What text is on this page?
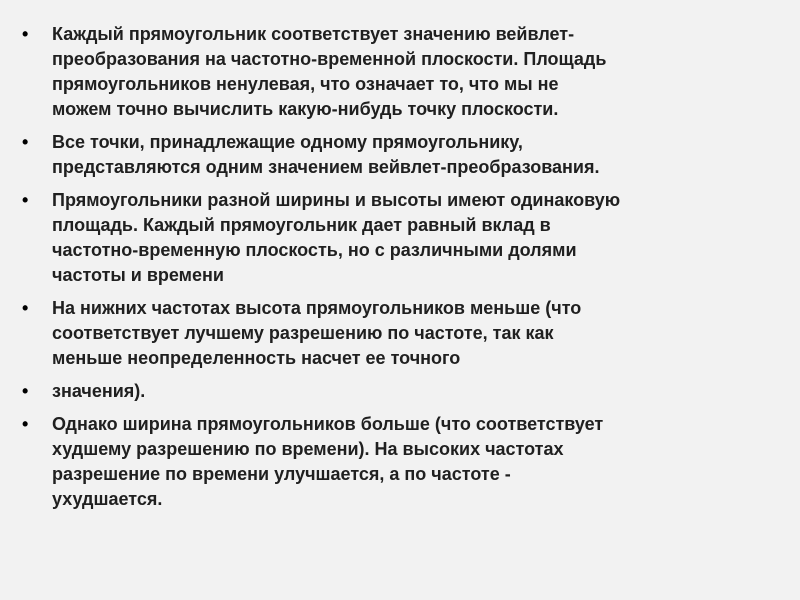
•	Каждый прямоугольник соответствует значению вейвлет-
преобразования на частотно-временной плоскости. Площадь
прямоугольников ненулевая, что означает то, что мы не
можем точно вычислить какую-нибудь точку плоскости.
•	Все точки, принадлежащие одному прямоугольнику,
представляются одним значением вейвлет-преобразования.
•	Прямоугольники разной ширины и высоты имеют одинаковую
площадь. Каждый прямоугольник дает равный вклад в
частотно-временную плоскость, но с различными долями
частоты и времени
•	На нижних частотах высота прямоугольников меньше (что
соответствует лучшему разрешению по частоте, так как
меньше неопределенность насчет ее точного
•	значения).
•	Однако ширина прямоугольников больше (что соответствует
худшему разрешению по времени). На высоких частотах
разрешение по времени улучшается, а по частоте -
ухудшается.
